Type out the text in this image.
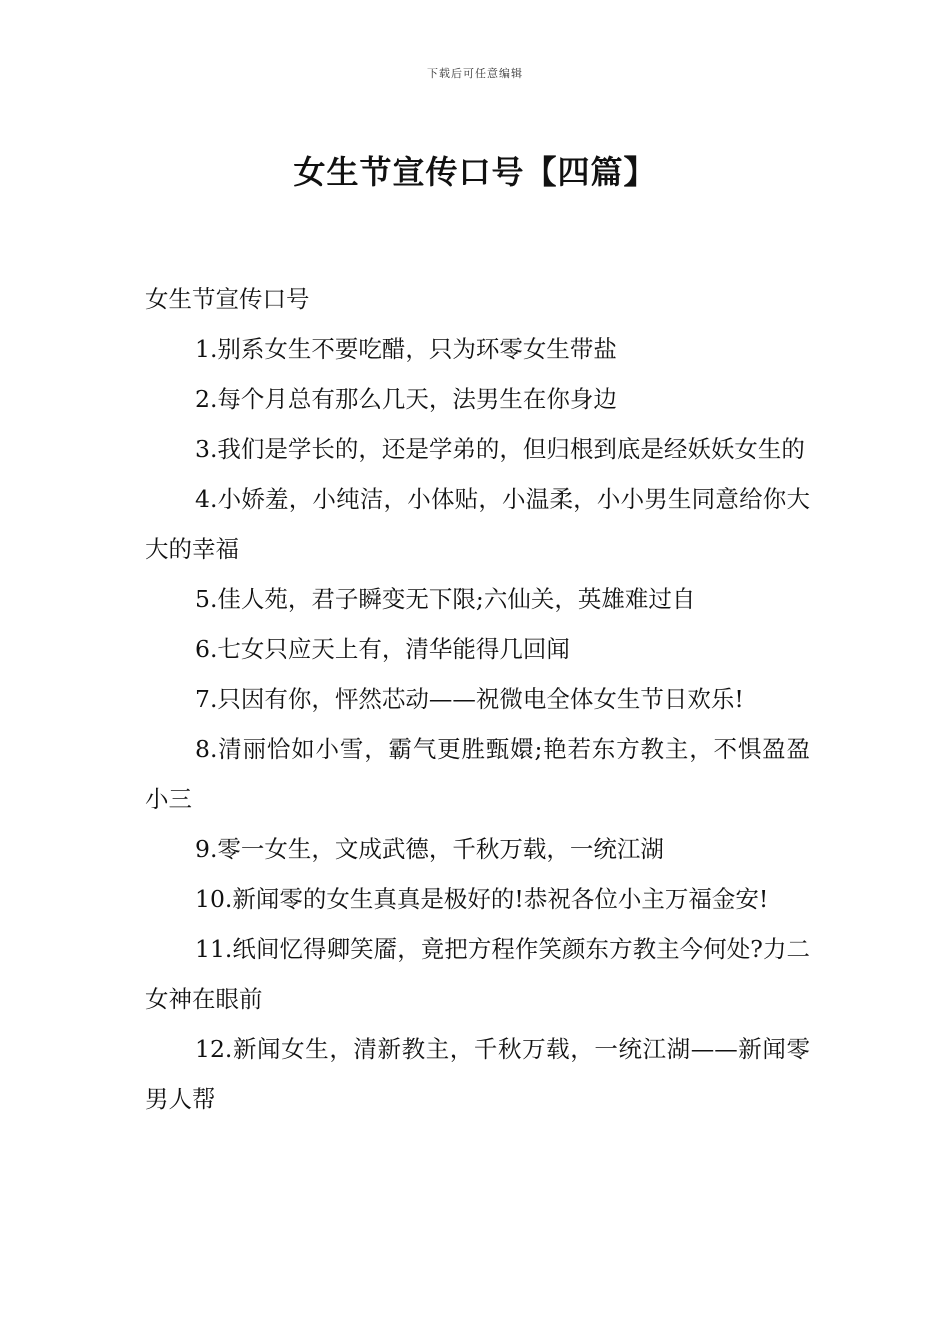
下载后可任意编辑
女生节宣传口号【四篇】
女生节宣传口号

1.别系女生不要吃醋，只为环零女生带盐

2.每个月总有那么几天，法男生在你身边

3.我们是学长的，还是学弟的，但归根到底是经妖妖女生的

4.小娇羞，小纯洁，小体贴，小温柔，小小男生同意给你大大的幸福

5.佳人苑，君子瞬变无下限;六仙关，英雄难过自

6.七女只应天上有，清华能得几回闻

7.只因有你，怦然芯动——祝微电全体女生节日欢乐!

8.清丽恰如小雪，霸气更胜甄嬛;艳若东方教主，不惧盈盈小三

9.零一女生，文成武德，千秋万载，一统江湖

10.新闻零的女生真真是极好的!恭祝各位小主万福金安!

11.纸间忆得卿笑靥，竟把方程作笑颜东方教主今何处?力二女神在眼前

12.新闻女生，清新教主，千秋万载，一统江湖——新闻零男人帮
